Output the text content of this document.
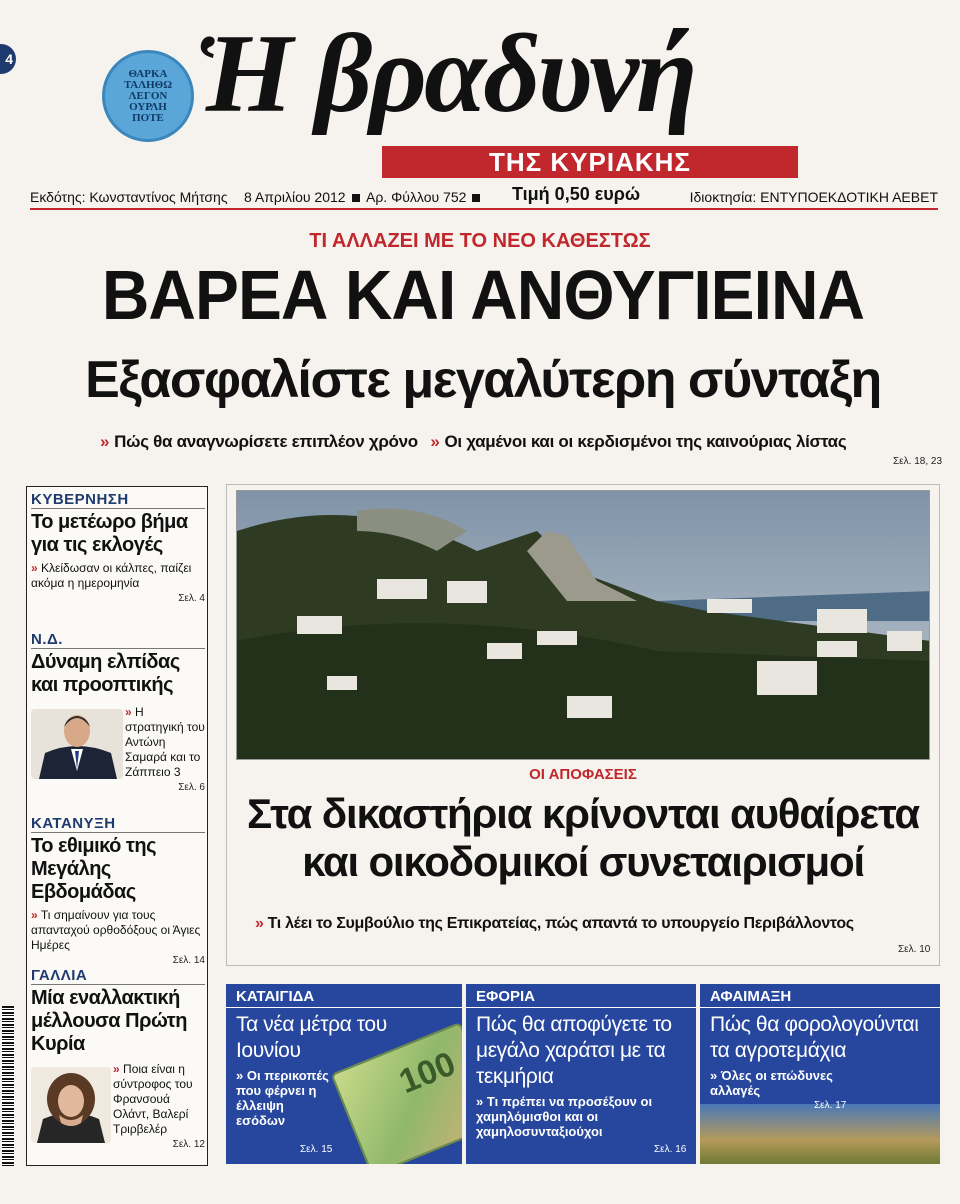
4
ΘΑΡΚΑ ΤΑΛΗΘΩ ΛΕΓΟΝ ΟΥΡΛΗ ΠΟΤΕ Ἡ βραδυνή
ΤΗΣ ΚΥΡΙΑΚΗΣ
Εκδότης: Κωνσταντίνος Μήτσης 8 Απριλίου 2012	Αρ. Φύλλου 752	Τιμή 0,50 ευρώ	Ιδιοκτησία: ΕΝΤΥΠΟΕΚΔΟΤΙΚΗ ΑΕΒΕΤ
ΤΙ ΑΛΛΑΖΕΙ ΜΕ ΤΟ ΝΕΟ ΚΑΘΕΣΤΩΣ
ΒΑΡΕΑ ΚΑΙ ΑΝΘΥΓΙΕΙΝΑ
Εξασφαλίστε μεγαλύτερη σύνταξη
» Πώς θα αναγνωρίσετε επιπλέον χρόνο » Οι χαμένοι και οι κερδισμένοι της καινούριας λίστας
Σελ. 18, 23
ΚΥΒΕΡΝΗΣΗ
Το μετέωρο βήμα για τις εκλογές
» Κλείδωσαν οι κάλπες, παίζει ακόμα η ημερομηνία
Σελ. 4
Ν.Δ.
Δύναμη ελπίδας και προοπτικής
» Η στρατηγική του Αντώνη Σαμαρά και το Ζάππειο 3
Σελ. 6
ΚΑΤΑΝΥΞΗ
Το εθιμικό της Μεγάλης Εβδομάδας
» Τι σημαίνουν για τους απανταχού ορθοδόξους οι Άγιες Ημέρες
Σελ. 14
ΓΑΛΛΙΑ
Μία εναλλακτική μέλλουσα Πρώτη Κυρία
» Ποια είναι η σύντροφος του Φρανσουά Ολάντ, Βαλερί Τριρβελέρ
Σελ. 12
ΟΙ ΑΠΟΦΑΣΕΙΣ
Στα δικαστήρια κρίνονται αυθαίρετα και οικοδομικοί συνεταιρισμοί
» Τι λέει το Συμβούλιο της Επικρατείας, πώς απαντά το υπουργείο Περιβάλλοντος
Σελ. 10
ΚΑΤΑΙΓΙΔΑ
Τα νέα μέτρα του Ιουνίου
» Οι περικοπές που φέρνει η έλλειψη εσόδων
100
Σελ. 15
ΕΦΟΡΙΑ
Πώς θα αποφύγετε το μεγάλο χαράτσι με τα τεκμήρια
» Τι πρέπει να προσέξουν οι χαμηλόμισθοι και οι χαμηλοσυνταξιούχοι
Σελ. 16
ΑΦΑΙΜΑΞΗ
Πώς θα φορολογούνται τα αγροτεμάχια
» Όλες οι επώδυνες αλλαγές
Σελ. 17
